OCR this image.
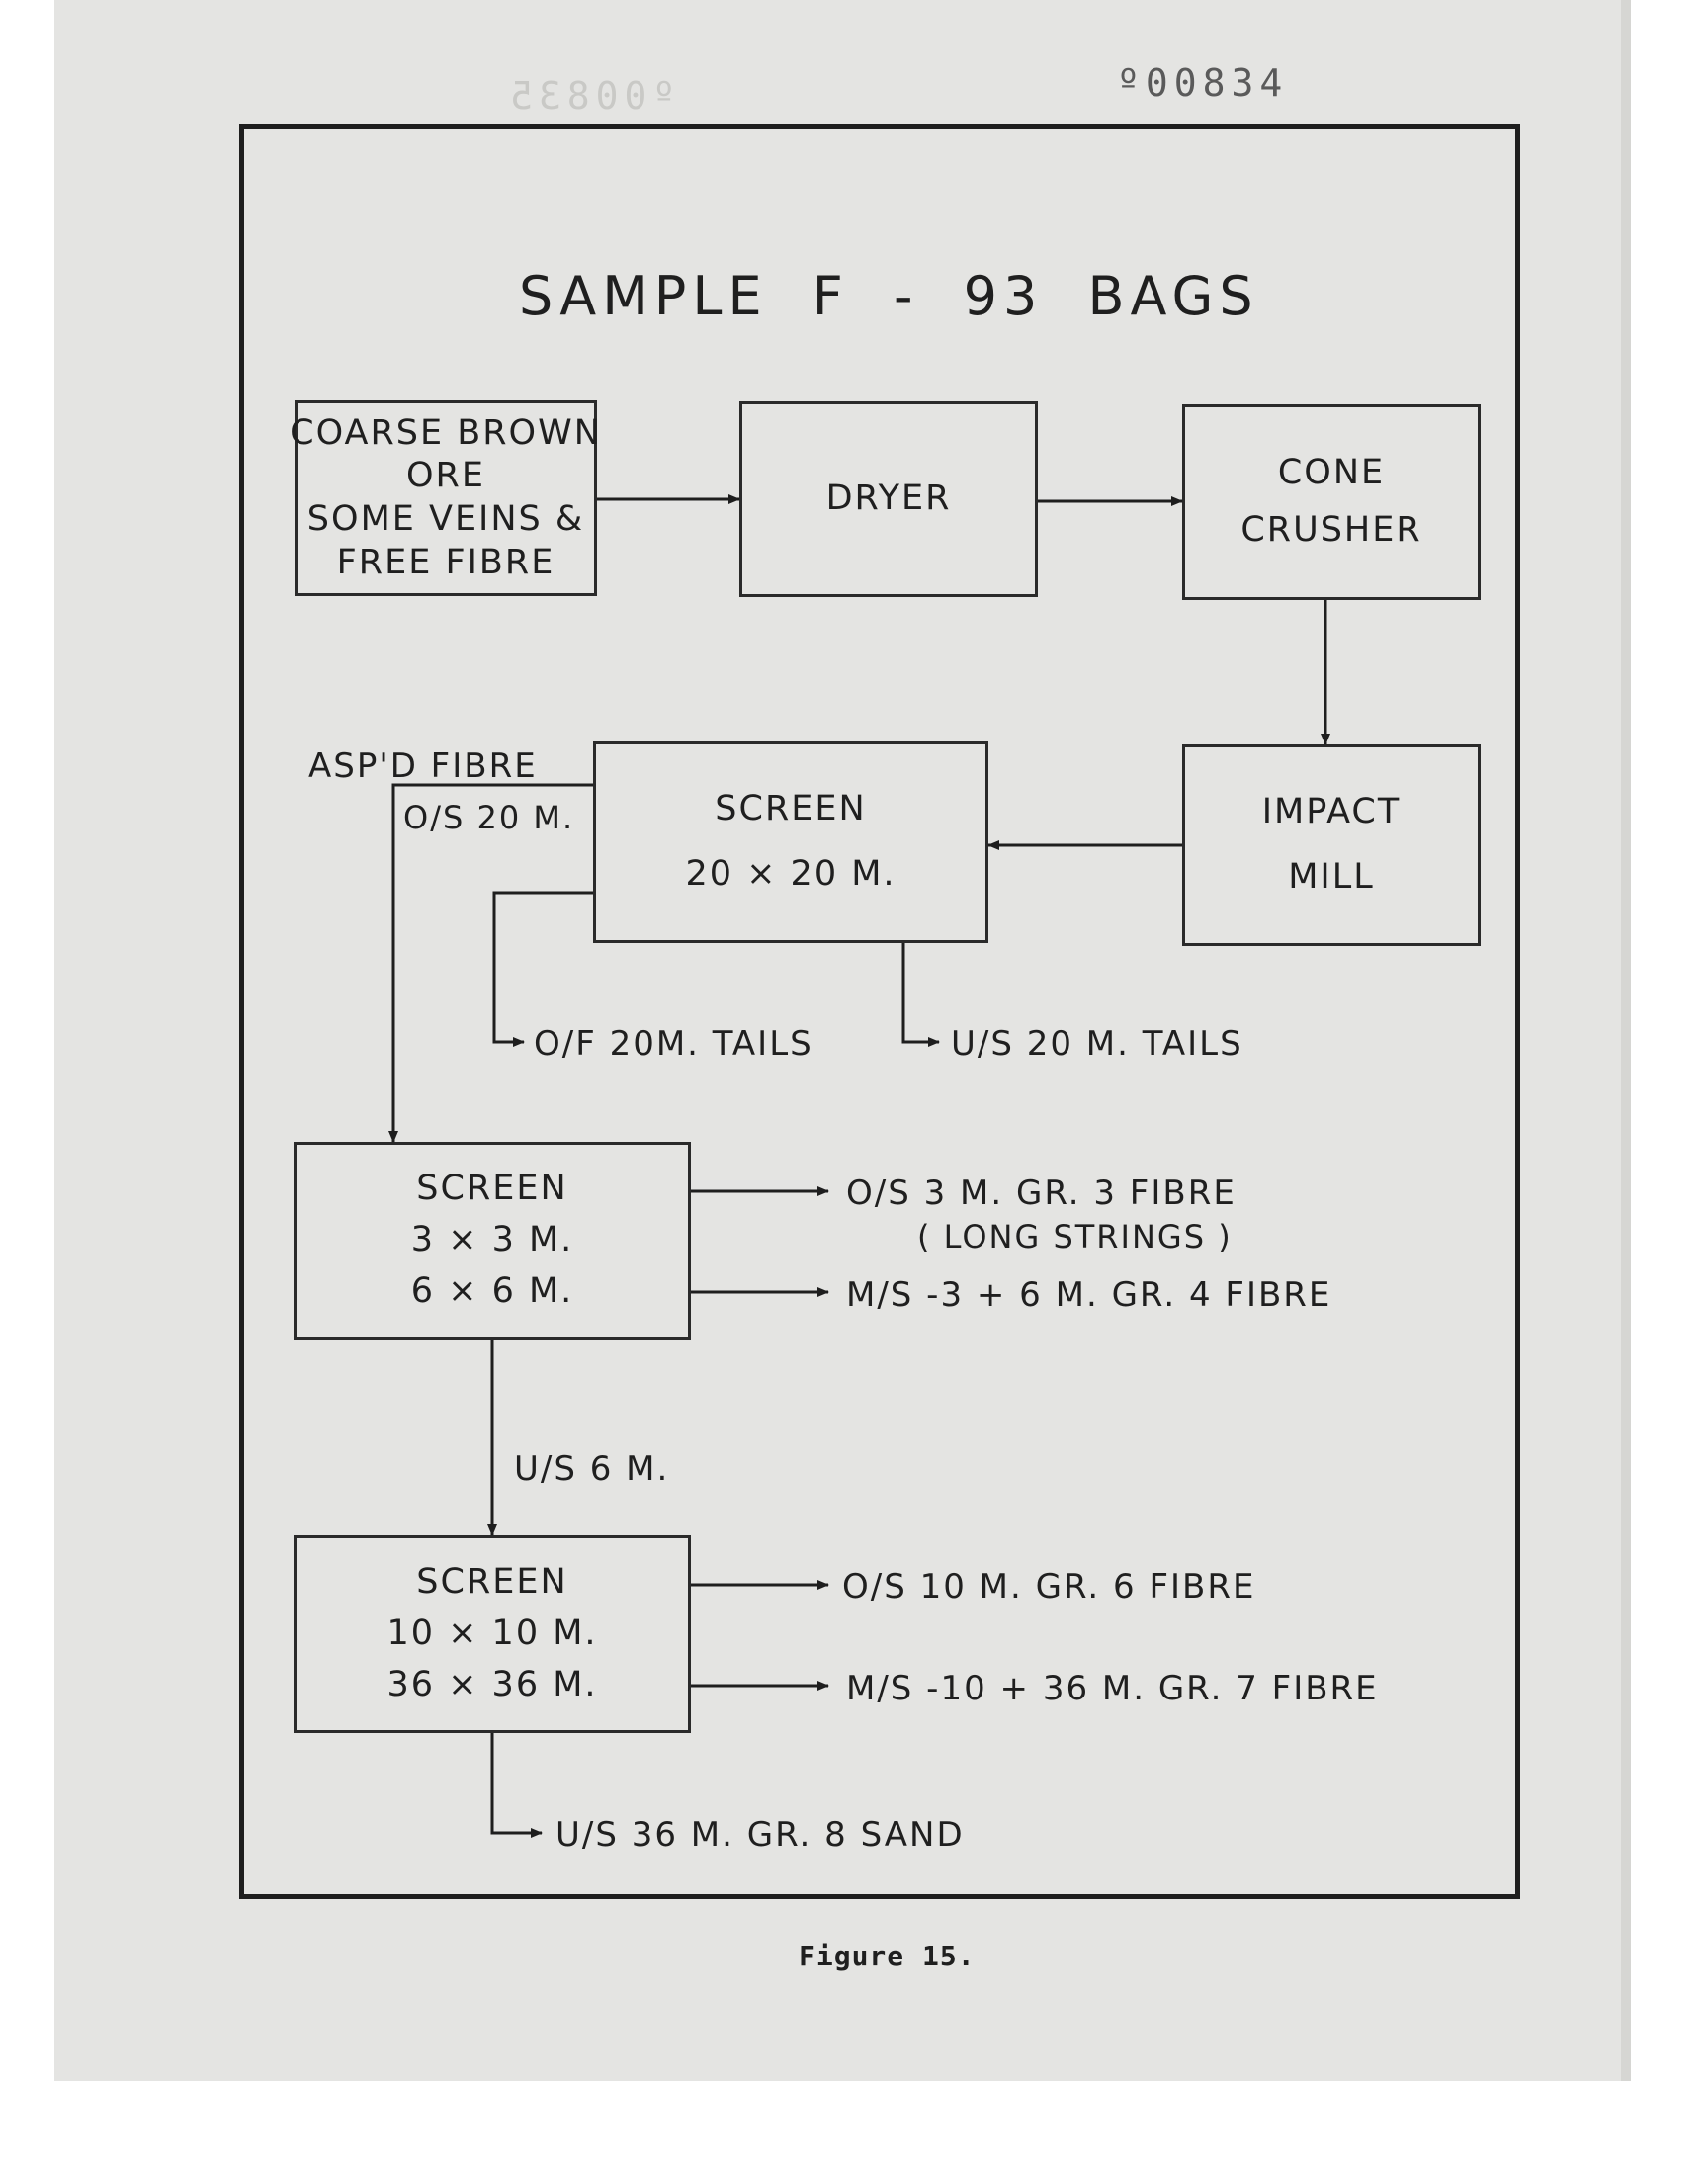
º00835	º00834
SAMPLE F - 93 BAGS
COARSE BROWN
ORE
SOME VEINS &
FREE FIBRE
DRYER
CONE
CRUSHER
IMPACT
MILL
SCREEN
20 × 20 M.
SCREEN
3 × 3 M.
6 × 6 M.
SCREEN
10 × 10 M.
36 × 36 M.
ASP'D FIBRE
O/S 20 M.
O/F 20M. TAILS	U/S 20 M. TAILS
O/S 3 M. GR. 3 FIBRE
( LONG STRINGS )
M/S -3 + 6 M. GR. 4 FIBRE
U/S 6 M.
O/S 10 M. GR. 6 FIBRE
M/S -10 + 36 M. GR. 7 FIBRE
U/S 36 M. GR. 8 SAND
Figure 15.
